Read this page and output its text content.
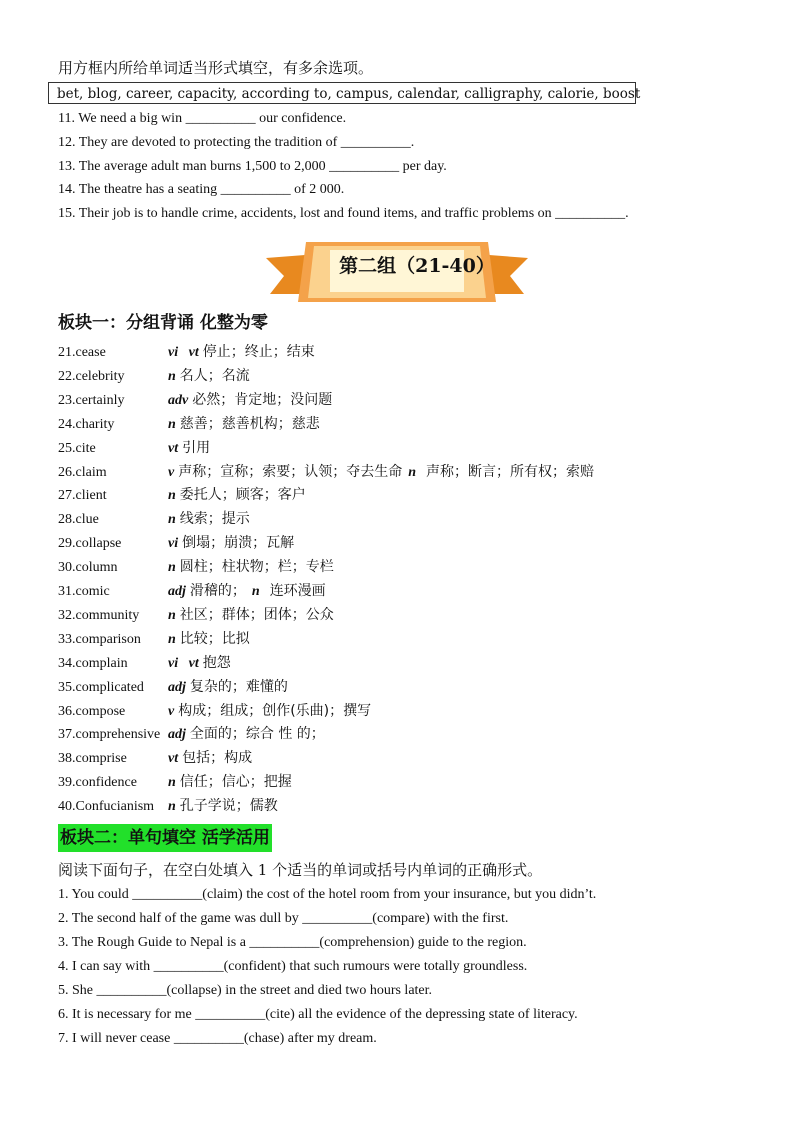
用方框内所给单词适当形式填空，有多余选项。
bet, blog, career, capacity, according to, campus, calendar, calligraphy, calorie, boost
11. We need a big win __________ our confidence.
12. They are devoted to protecting the tradition of __________.
13. The average adult man burns 1,500 to 2,000 __________ per day.
14. The theatre has a seating __________ of 2 000.
15. Their job is to handle crime, accidents, lost and found items, and traffic problems on __________.
第二组（21-40）
板块一：分组背诵 化整为零
21.cease	vi   vt 停止；终止；结束
22.celebrity	n 名人；名流
23.certainly	adv 必然；肯定地；没问题
24.charity	n 慈善；慈善机构；慈悲
25.cite	vt 引用
26.claim	v 声称；宣称；索要；认领；夺去生命 n 声称；断言；所有权；索赔
27.client	n 委托人；顾客；客户
28.clue	n 线索；提示
29.collapse	vi 倒塌；崩溃；瓦解
30.column	n 圆柱；柱状物；栏；专栏
31.comic	adj 滑稽的； n 连环漫画
32.community n 社区；群体；团体；公众
33.comparison n 比较；比拟
34.complain	vi   vt 抱怨
35.complicated adj 复杂的；难懂的
36.compose	v 构成；组成；创作(乐曲)；撰写
37.comprehensive adj 全面的；综合 性 的；
38.comprise	vt 包括；构成
39.confidence n 信任；信心；把握
40.Confucianism n 孔子学说；儒教
板块二：单句填空 活学活用
阅读下面句子，在空白处填入 1 个适当的单词或括号内单词的正确形式。
1. You could __________(claim) the cost of the hotel room from your insurance, but you didn’t.
2. The second half of the game was dull by __________(compare) with the first.
3. The Rough Guide to Nepal is a __________(comprehension) guide to the region.
4. I can say with __________(confident) that such rumours were totally groundless.
5. She __________(collapse) in the street and died two hours later.
6. It is necessary for me __________(cite) all the evidence of the depressing state of literacy.
7. I will never cease __________(chase) after my dream.
